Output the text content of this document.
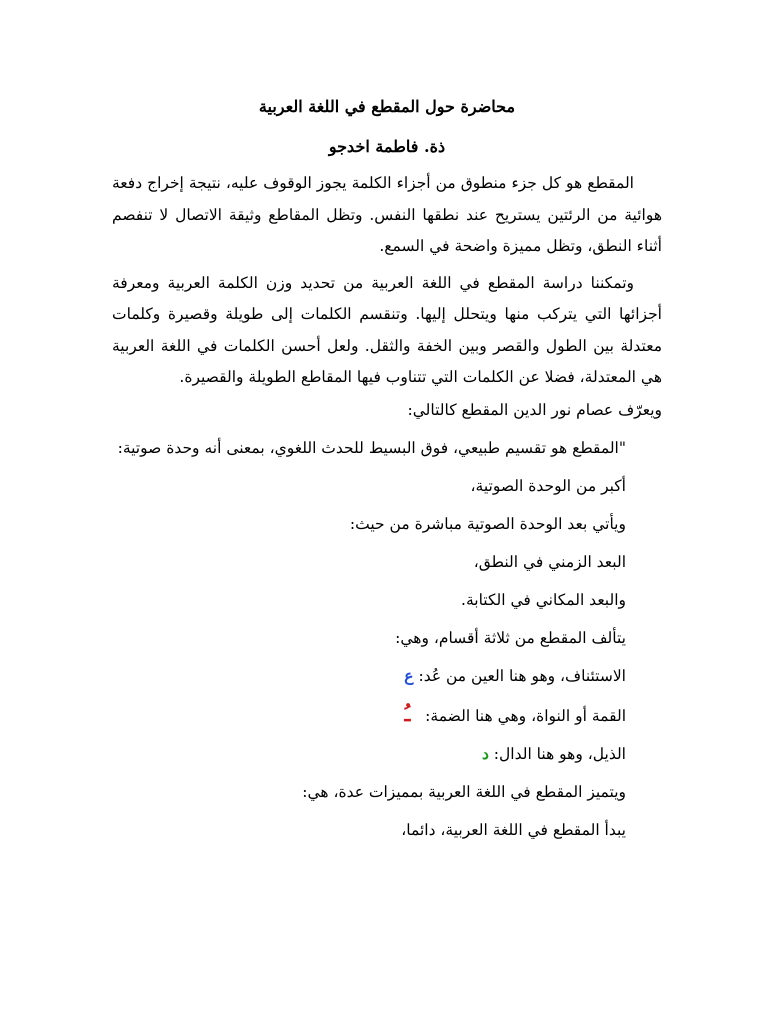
محاضرة حول المقطع في اللغة العربية
ذة. فاطمة اخدجو
المقطع هو كل جزء منطوق من أجزاء الكلمة يجوز الوقوف عليه، نتيجة إخراج دفعة هوائية من الرئتين يستريح عند نطقها النفس. وتظل المقاطع وثيقة الاتصال لا تنفصم أثناء النطق، وتظل مميزة واضحة في السمع.
وتمكننا دراسة المقطع في اللغة العربية من تحديد وزن الكلمة العربية ومعرفة أجزائها التي يتركب منها ويتحلل إليها. وتنقسم الكلمات إلى طويلة وقصيرة وكلمات معتدلة بين الطول والقصر وبين الخفة والثقل. ولعل أحسن الكلمات في اللغة العربية هي المعتدلة، فضلا عن الكلمات التي تتناوب فيها المقاطع الطويلة والقصيرة.
ويعرّف عصام نور الدين المقطع كالتالي:
"المقطع هو تقسيم طبيعي، فوق البسيط للحدث اللغوي، بمعنى أنه وحدة صوتية:
أكبر من الوحدة الصوتية،
ويأتي بعد الوحدة الصوتية مباشرة من حيث:
البعد الزمني في النطق،
والبعد المكاني في الكتابة.
يتألف المقطع من ثلاثة أقسام، وهي:
الاستئناف، وهو هنا العين من عُد: ع
القمة أو النواة، وهي هنا الضمة:   ـُ
الذيل، وهو هنا الدال: د
ويتميز المقطع في اللغة العربية بمميزات عدة، هي:
يبدأ المقطع في اللغة العربية، دائما،
